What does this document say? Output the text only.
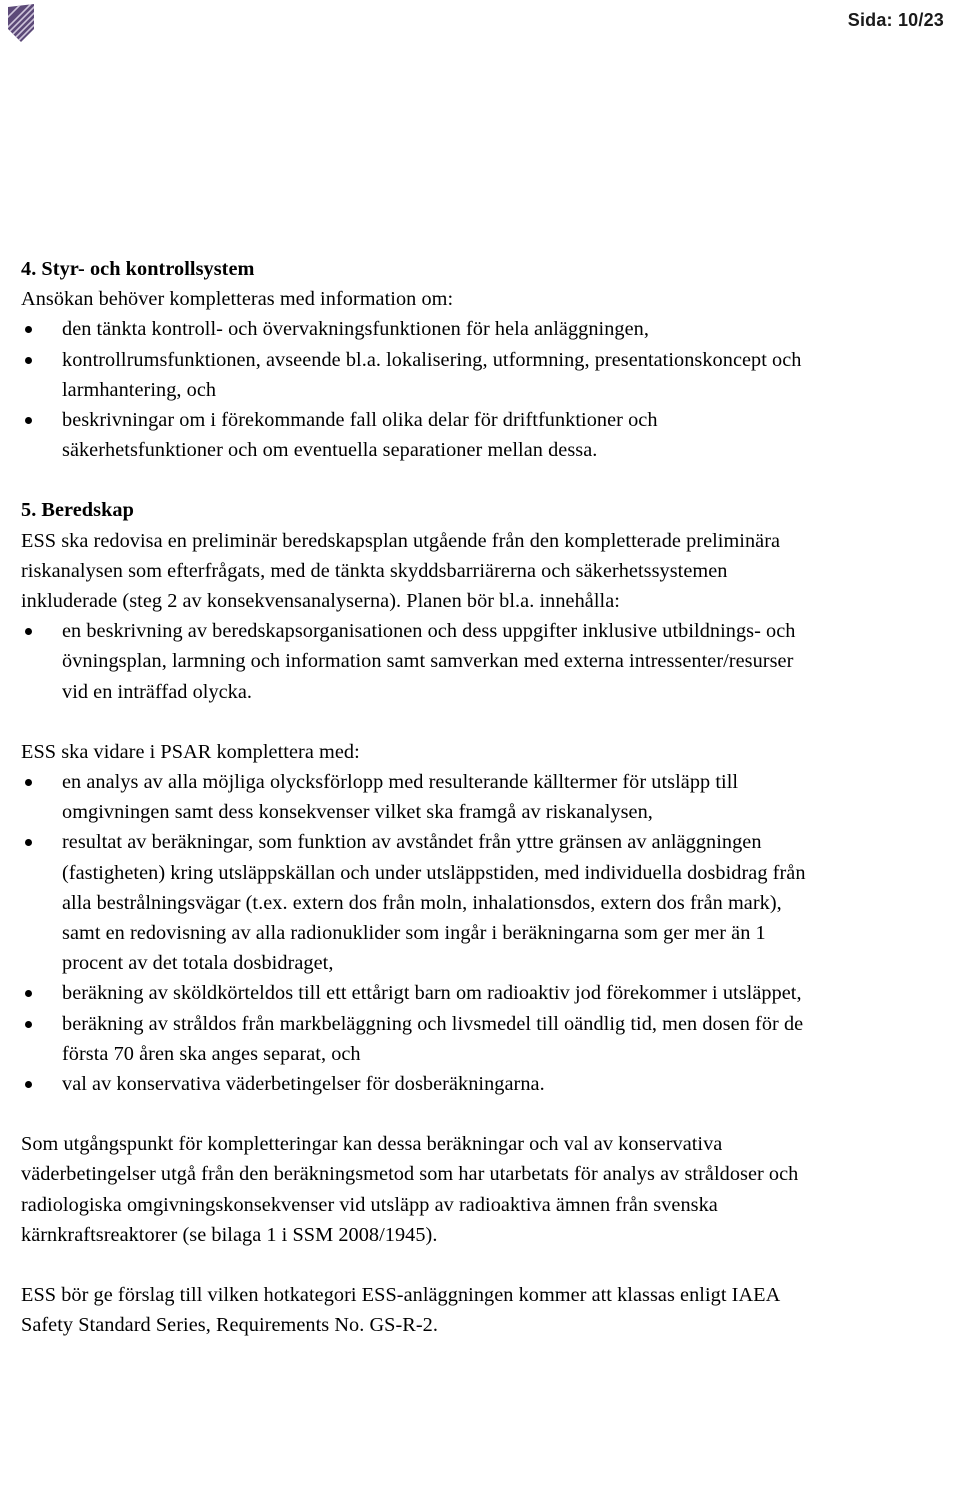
Sida: 10/23
4. Styr- och kontrollsystem

Ansökan behöver kompletteras med information om:

den tänkta kontroll- och övervakningsfunktionen för hela anläggningen,
kontrollrumsfunktionen, avseende bl.a. lokalisering, utformning, presentationskoncept och larmhantering, och
beskrivningar om i förekommande fall olika delar för driftfunktioner och säkerhetsfunktioner och om eventuella separationer mellan dessa.
5. Beredskap

ESS ska redovisa en preliminär beredskapsplan utgående från den kompletterade preliminära riskanalysen som efterfrågats, med de tänkta skyddsbarriärerna och säkerhetssystemen inkluderade (steg 2 av konsekvensanalyserna). Planen bör bl.a. innehålla:

en beskrivning av beredskapsorganisationen och dess uppgifter inklusive utbildnings- och övningsplan, larmning och information samt samverkan med externa intressenter/resurser vid en inträffad olycka.

ESS ska vidare i PSAR komplettera med:

en analys av alla möjliga olycksförlopp med resulterande källtermer för utsläpp till omgivningen samt dess konsekvenser vilket ska framgå av riskanalysen,
resultat av beräkningar, som funktion av avståndet från yttre gränsen av anläggningen (fastigheten) kring utsläppskällan och under utsläppstiden, med individuella dosbidrag från alla bestrålningsvägar (t.ex. extern dos från moln, inhalationsdos, extern dos från mark), samt en redovisning av alla radionuklider som ingår i beräkningarna som ger mer än 1 procent av det totala dosbidraget,
beräkning av sköldkörteldos till ett ettårigt barn om radioaktiv jod förekommer i utsläppet,
beräkning av stråldos från markbeläggning och livsmedel till oändlig tid, men dosen för de första 70 åren ska anges separat, och
val av konservativa väderbetingelser för dosberäkningarna.

Som utgångspunkt för kompletteringar kan dessa beräkningar och val av konservativa väderbetingelser utgå från den beräkningsmetod som har utarbetats för analys av stråldoser och radiologiska omgivningskonsekvenser vid utsläpp av radioaktiva ämnen från svenska kärnkraftsreaktorer (se bilaga 1 i SSM 2008/1945).

ESS bör ge förslag till vilken hotkategori ESS-anläggningen kommer att klassas enligt IAEA Safety Standard Series, Requirements No. GS-R-2.
